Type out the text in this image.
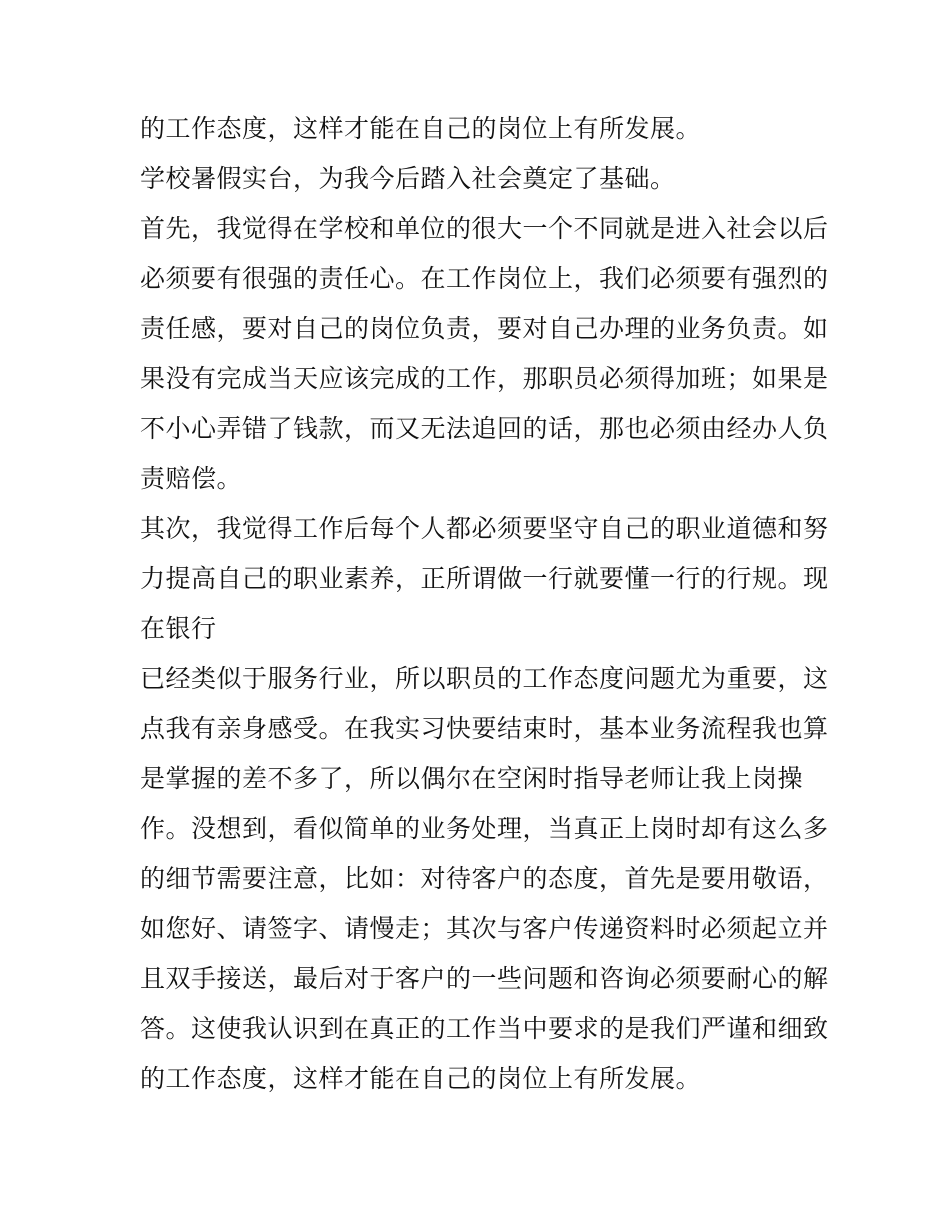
的工作态度，这样才能在自己的岗位上有所发展。
学校暑假实台，为我今后踏入社会奠定了基础。
首先，我觉得在学校和单位的很大一个不同就是进入社会以后
必须要有很强的责任心。在工作岗位上，我们必须要有强烈的
责任感，要对自己的岗位负责，要对自己办理的业务负责。如
果没有完成当天应该完成的工作，那职员必须得加班；如果是
不小心弄错了钱款，而又无法追回的话，那也必须由经办人负
责赔偿。
其次，我觉得工作后每个人都必须要坚守自己的职业道德和努
力提高自己的职业素养，正所谓做一行就要懂一行的行规。现
在银行
已经类似于服务行业，所以职员的工作态度问题尤为重要，这
点我有亲身感受。在我实习快要结束时，基本业务流程我也算
是掌握的差不多了，所以偶尔在空闲时指导老师让我上岗操
作。没想到，看似简单的业务处理，当真正上岗时却有这么多
的细节需要注意，比如：对待客户的态度，首先是要用敬语，
如您好、请签字、请慢走；其次与客户传递资料时必须起立并
且双手接送，最后对于客户的一些问题和咨询必须要耐心的解
答。这使我认识到在真正的工作当中要求的是我们严谨和细致
的工作态度，这样才能在自己的岗位上有所发展。
